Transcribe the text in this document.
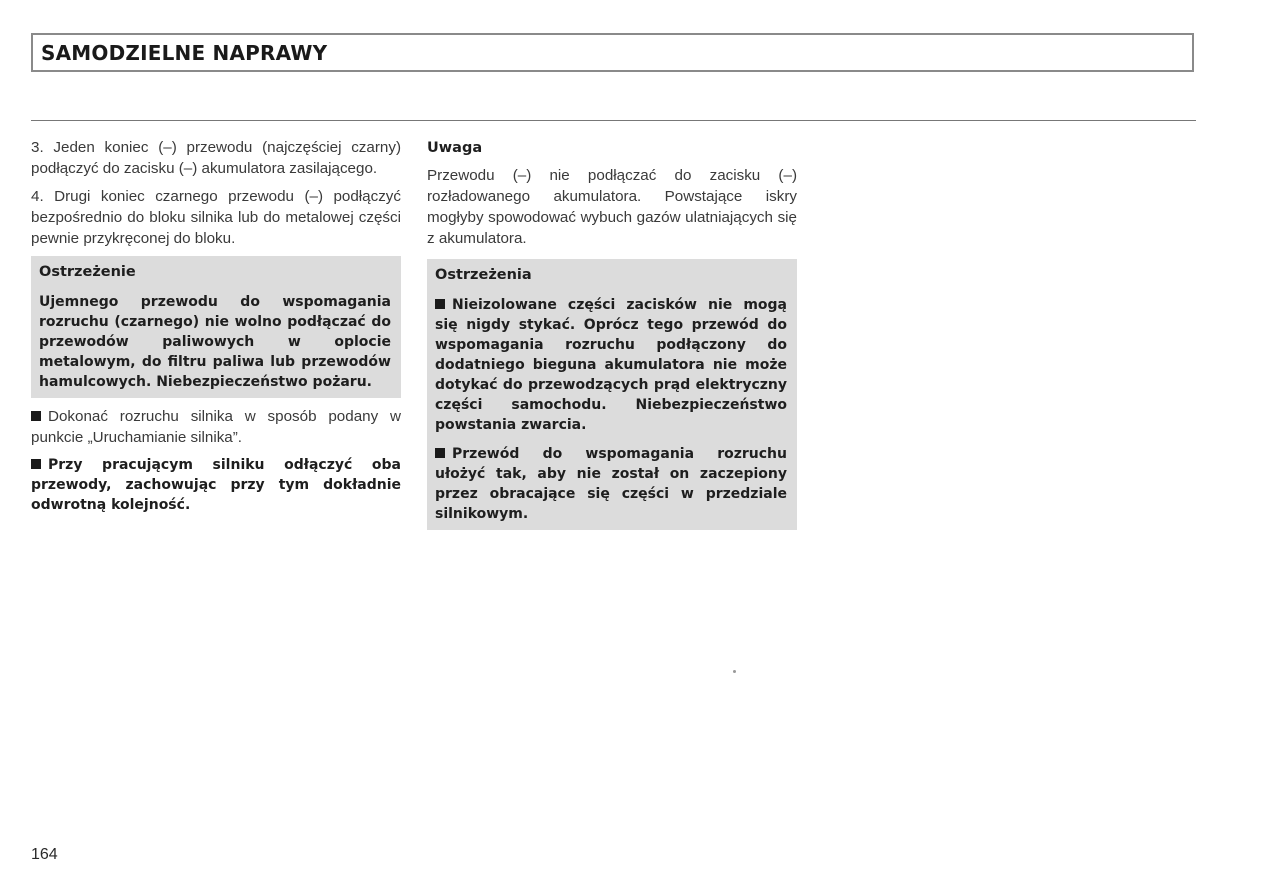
SAMODZIELNE NAPRAWY

3. Jeden koniec (–) przewodu (najczęściej czarny) podłączyć do zacisku (–) akumulatora zasilającego.

4. Drugi koniec czarnego przewodu (–) podłączyć bezpośrednio do bloku silnika lub do metalowej części pewnie przykręconej do bloku.

Ostrzeżenie

Ujemnego przewodu do wspomagania rozruchu (czarnego) nie wolno podłączać do przewodów paliwowych w oplocie metalowym, do filtru paliwa lub przewodów hamulcowych. Niebezpieczeństwo pożaru.

Dokonać rozruchu silnika w sposób podany w punkcie „Uruchamianie silnika”.

Przy pracującym silniku odłączyć oba przewody, zachowując przy tym dokładnie odwrotną kolejność.

Uwaga

Przewodu (–) nie podłączać do zacisku (–) rozładowanego akumulatora. Powstające iskry mogłyby spowodować wybuch gazów ulatniających się z akumulatora.

Ostrzeżenia

Nieizolowane części zacisków nie mogą się nigdy stykać. Oprócz tego przewód do wspomagania rozruchu podłączony do dodatniego bieguna akumulatora nie może dotykać do przewodzących prąd elektryczny części samochodu. Niebezpieczeństwo powstania zwarcia.

Przewód do wspomagania rozruchu ułożyć tak, aby nie został on zaczepiony przez obracające się części w przedziale silnikowym.

164
